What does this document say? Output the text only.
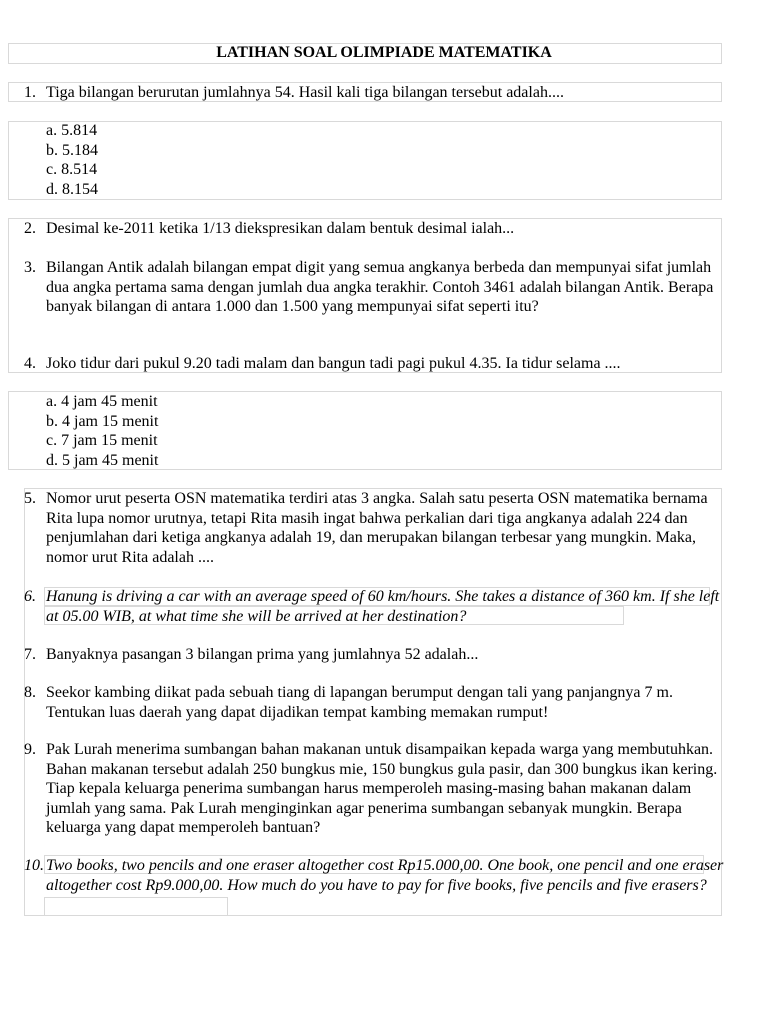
LATIHAN SOAL OLIMPIADE MATEMATIKA
1. Tiga bilangan berurutan jumlahnya 54. Hasil kali tiga bilangan tersebut adalah....
a. 5.814
b. 5.184
c. 8.514
d. 8.154
2. Desimal ke-2011 ketika 1/13 diekspresikan dalam bentuk desimal ialah...
3. Bilangan Antik adalah bilangan empat digit yang semua angkanya berbeda dan mempunyai sifat jumlah dua angka pertama sama dengan jumlah dua angka terakhir. Contoh 3461 adalah bilangan Antik. Berapa banyak bilangan di antara 1.000 dan 1.500 yang mempunyai sifat seperti itu?
4. Joko tidur dari pukul 9.20 tadi malam dan bangun tadi pagi pukul 4.35. Ia tidur selama ....
a. 4 jam 45 menit
b. 4 jam 15 menit
c. 7 jam 15 menit
d. 5 jam 45 menit
5. Nomor urut peserta OSN matematika terdiri atas 3 angka. Salah satu peserta OSN matematika bernama Rita lupa nomor urutnya, tetapi Rita masih ingat bahwa perkalian dari tiga angkanya adalah 224 dan penjumlahan dari ketiga angkanya adalah 19, dan merupakan bilangan terbesar yang mungkin. Maka, nomor urut Rita adalah ....
6. Hanung is driving a car with an average speed of 60 km/hours. She takes a distance of 360 km. If she left at 05.00 WIB, at what time she will be arrived at her destination?
7. Banyaknya pasangan 3 bilangan prima yang jumlahnya 52 adalah...
8. Seekor kambing diikat pada sebuah tiang di lapangan berumput dengan tali yang panjangnya 7 m. Tentukan luas daerah yang dapat dijadikan tempat kambing memakan rumput!
9. Pak Lurah menerima sumbangan bahan makanan untuk disampaikan kepada warga yang membutuhkan. Bahan makanan tersebut adalah 250 bungkus mie, 150 bungkus gula pasir, dan 300 bungkus ikan kering. Tiap kepala keluarga penerima sumbangan harus memperoleh masing-masing bahan makanan dalam jumlah yang sama. Pak Lurah menginginkan agar penerima sumbangan sebanyak mungkin. Berapa keluarga yang dapat memperoleh bantuan?
10. Two books, two pencils and one eraser altogether cost Rp15.000,00. One book, one pencil and one eraser altogether cost Rp9.000,00. How much do you have to pay for five books, five pencils and five erasers?
